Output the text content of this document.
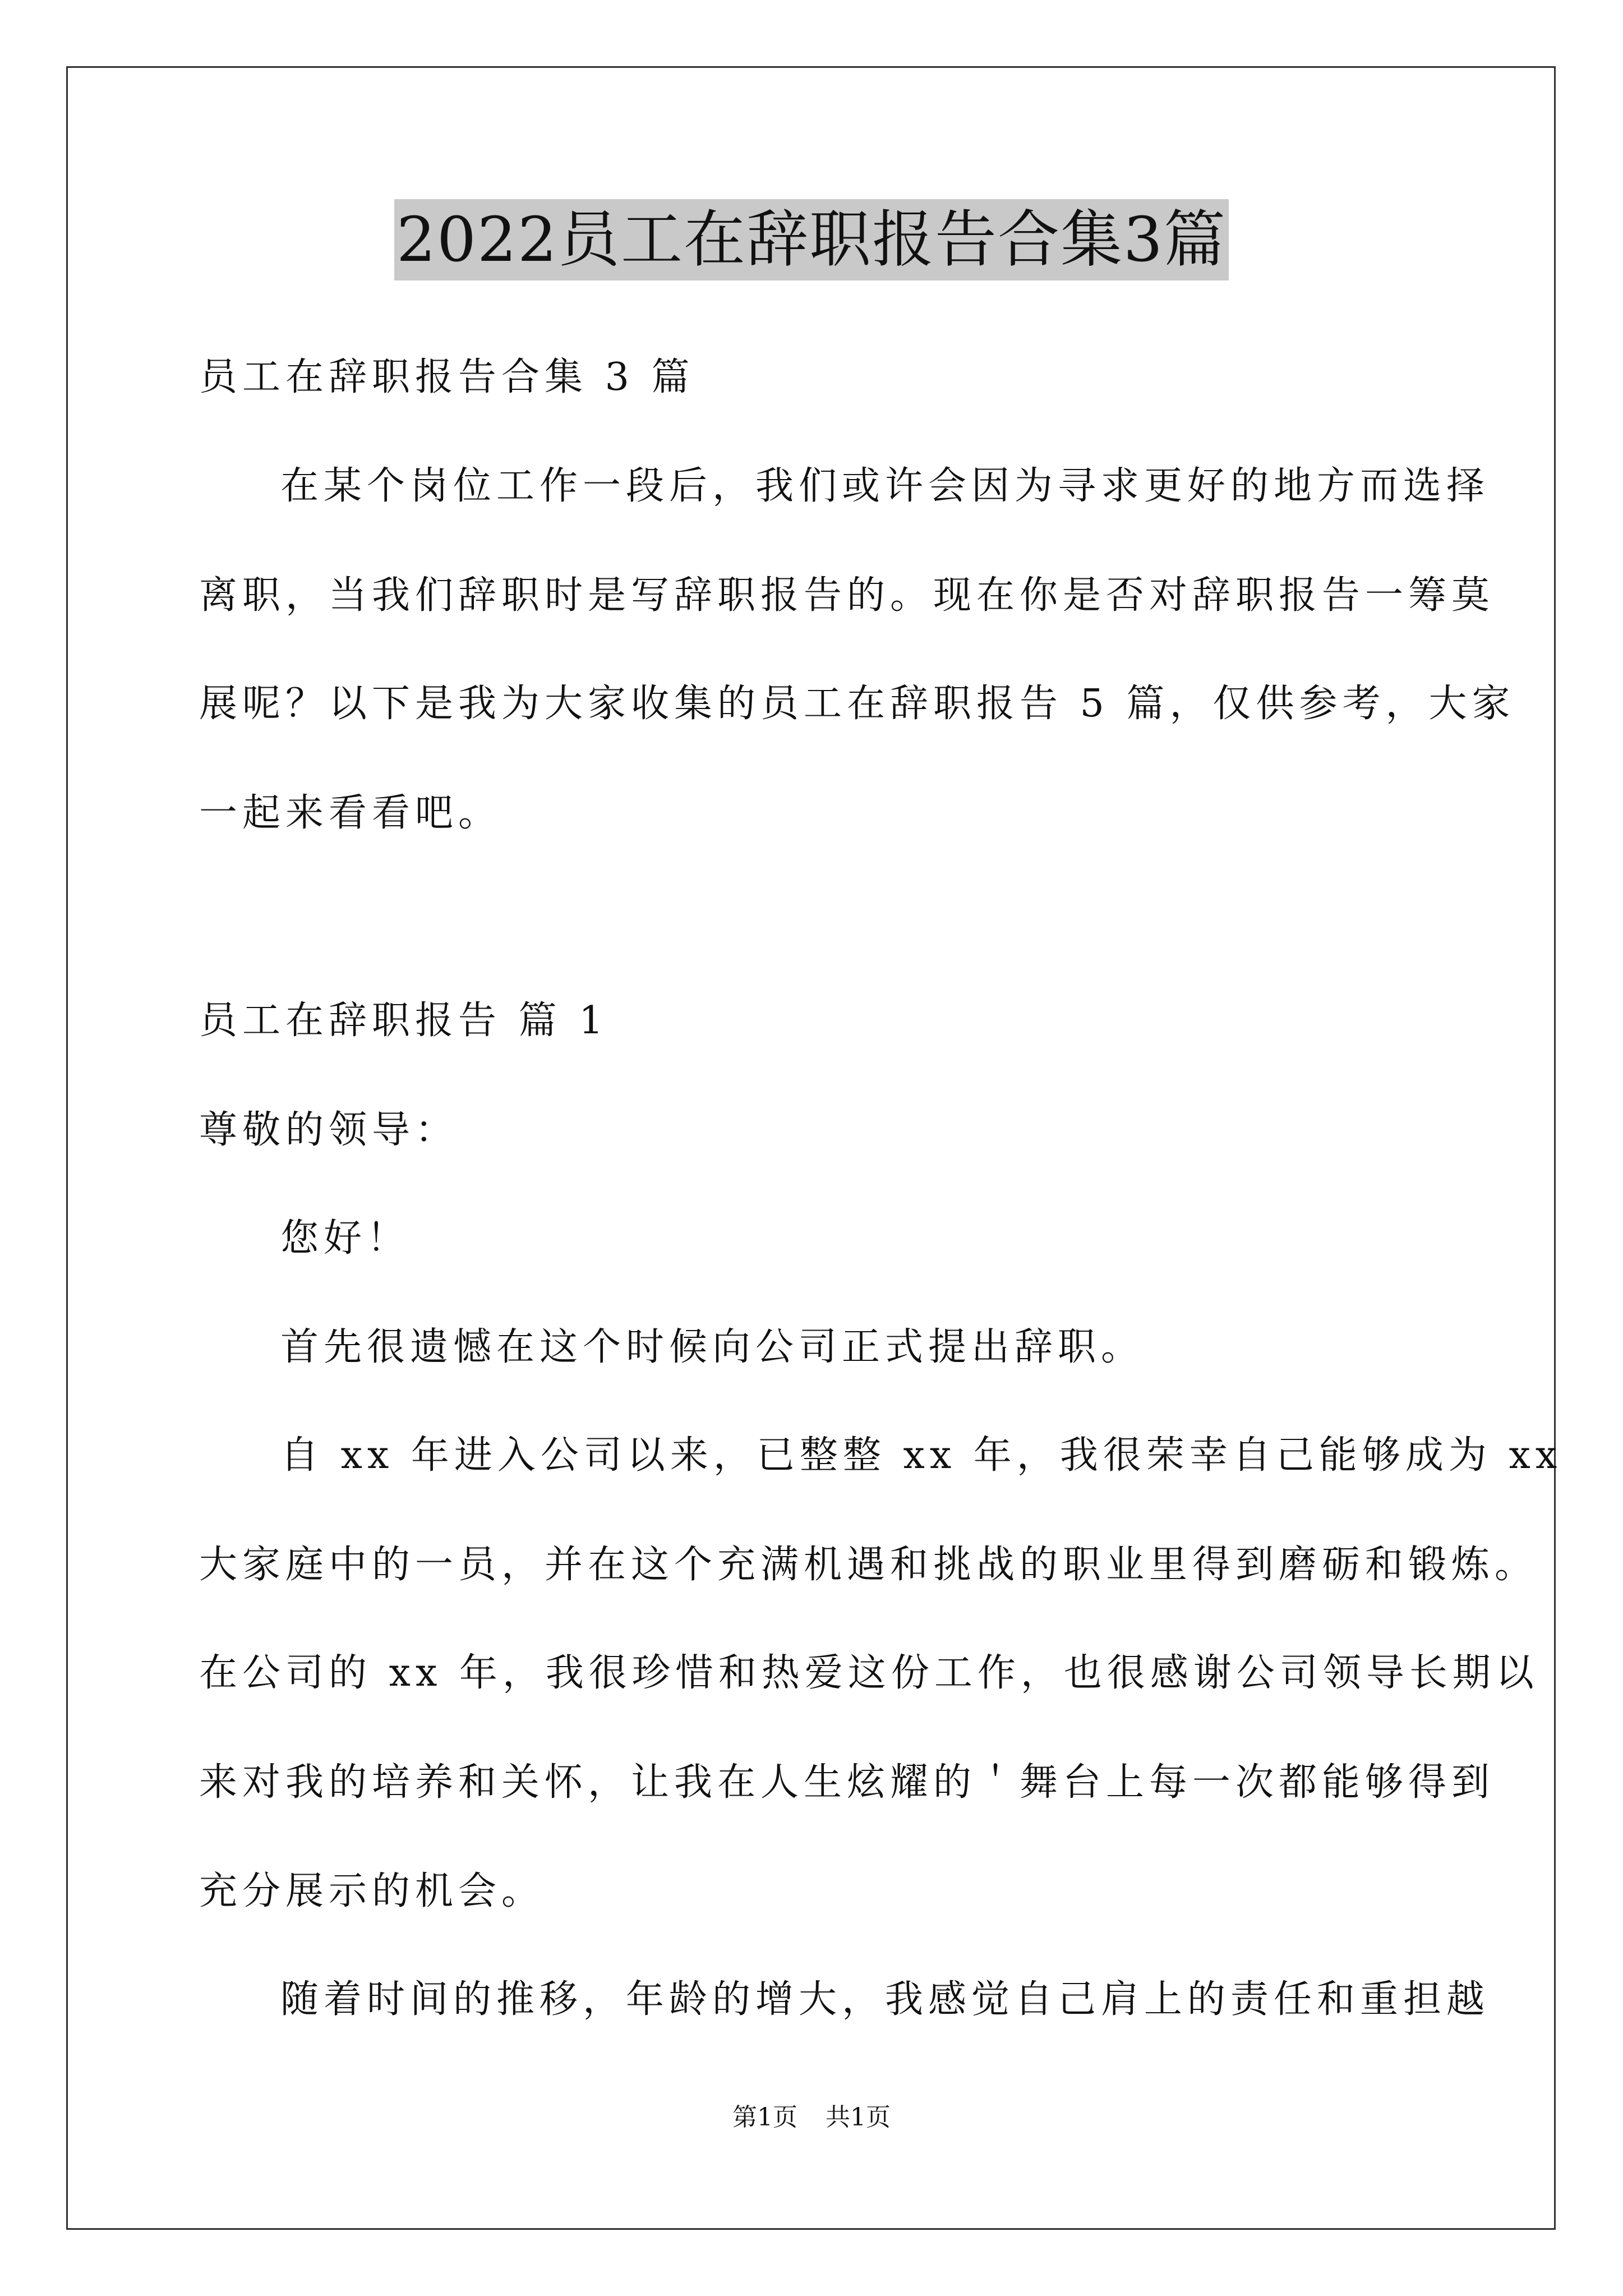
2022员工在辞职报告合集3篇
员工在辞职报告合集 3 篇
在某个岗位工作一段后，我们或许会因为寻求更好的地方而选择
离职，当我们辞职时是写辞职报告的。现在你是否对辞职报告一筹莫
展呢？以下是我为大家收集的员工在辞职报告 5 篇，仅供参考，大家
一起来看看吧。
员工在辞职报告 篇 1
尊敬的领导：
您好！
首先很遗憾在这个时候向公司正式提出辞职。
自 xx 年进入公司以来，已整整 xx 年，我很荣幸自己能够成为 xx
大家庭中的一员，并在这个充满机遇和挑战的职业里得到磨砺和锻炼。
在公司的 xx 年，我很珍惜和热爱这份工作，也很感谢公司领导长期以
来对我的培养和关怀，让我在人生炫耀的＇舞台上每一次都能够得到
充分展示的机会。
随着时间的推移，年龄的增大，我感觉自己肩上的责任和重担越
第1页 共1页
